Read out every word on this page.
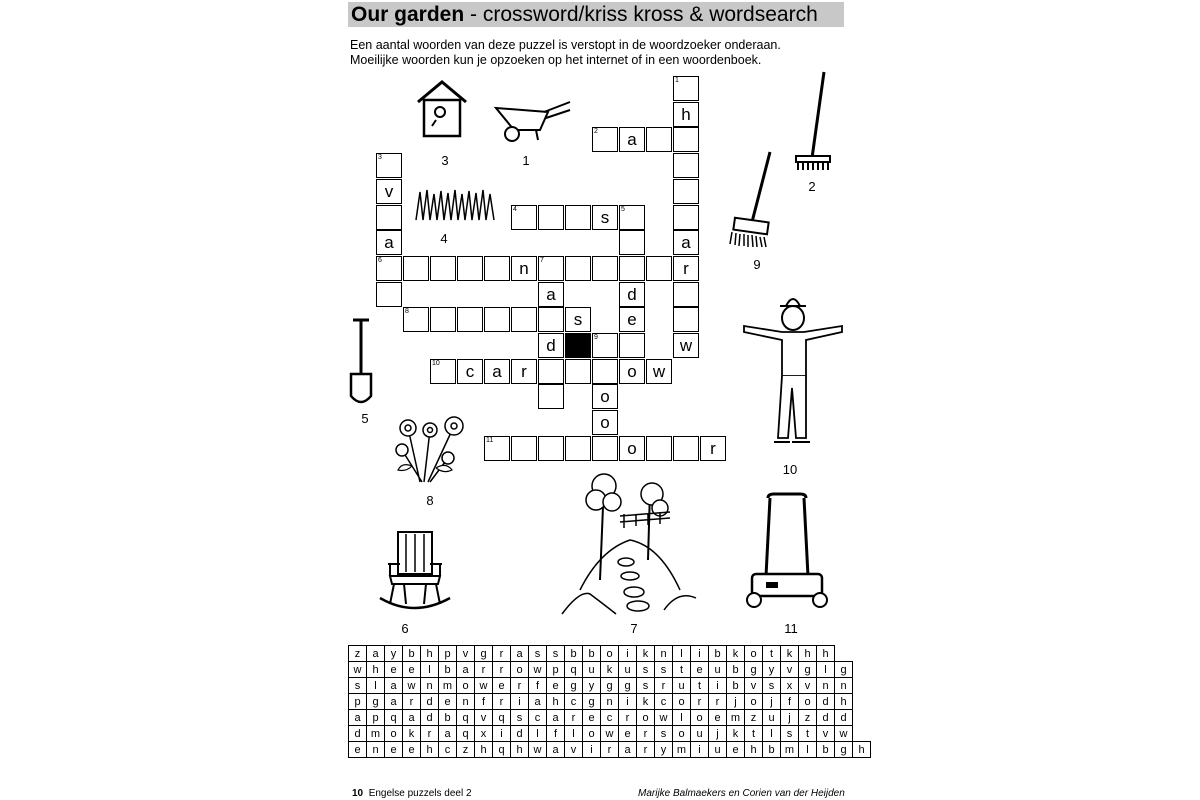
Our garden - crossword/kriss kross & wordsearch
Een aantal woorden van deze puzzel is verstopt in de woordzoeker onderaan.
Moeilijke woorden kun je opzoeken op het internet of in een woordenboek.
1
h
2	a
3
v
4	s	5
a	a
6	n	7	r
a	d
8	s	e
d	9	w
10	c	a	r	o w
o
o
11	o	r
3	1
2
4
9
5
10
8
6	7	11
z	a	y	b	h	p	v	g	r	a	s	s	b	b	o	i	k	n	l	i	b	k	o	t	k	h	h		
w	h	e	e	l	b	a	r	r	o	w	p	q	u	k	u	s	s	t	e	u	b	g	y	v	g	l	g	
s	l	a	w	n	m	o	w	e	r	f	e	g	y	g	g	s	r	u	t	i	b	v	s	x	v	n	n	
p	g	a	r	d	e	n	f	r	i	a	h	c	g	n	i	k	c	o	r	r	j	o	j	f	o	d	h	
a	p	q	a	d	b	q	v	q	s	c	a	r	e	c	r	o	w	l	o	e	m	z	u	j	z	d	d	
d	m	o	k	r	a	q	x	i	d	l	f	l	o	w	e	r	s	o	u	j	k	t	l	s	t	v	w	
e	n	e	e	h	c	z	h	q	h	w	a	v	i	r	a	r	y	m	i	u	e	h	b	m	l	b	g	h
10 Engelse puzzels deel 2	Marijke Balmaekers en Corien van der Heijden
